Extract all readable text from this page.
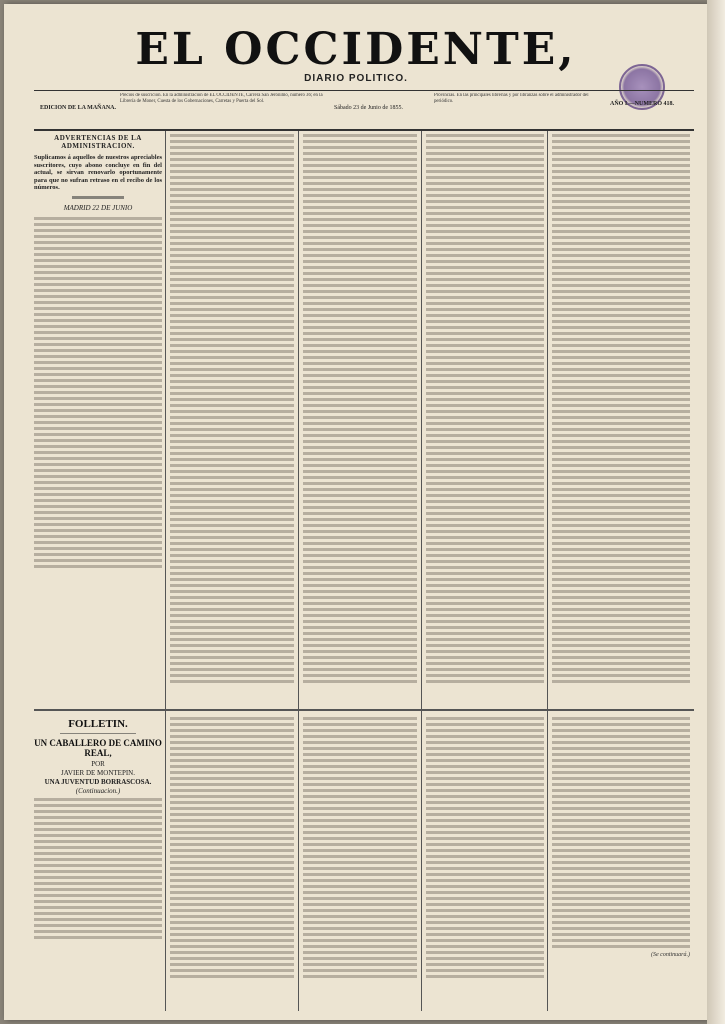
EL OCCIDENTE,
DIARIO POLITICO.
EDICION DE LA MAÑANA.
Precios de suscricion. En la administracion de EL OCCIDENTE, Carrera San Jerónimo, número 36; en la Librería de Moner, Cuesta de los Gobernaciones, Carretas y Puerta del Sol.
Sábado 23 de Junio de 1855.
Provincias. En las principales librerías y por libranzas sobre el administrador del periódico.	AÑO I.—NUMERO 418.
ADVERTENCIAS DE LA ADMINISTRACION.
Suplicamos á aquellos de nuestros apreciables suscritores, cuyo abono concluye en fin del actual, se sirvan renovarlo oportunamente para que no sufran retraso en el recibo de los números.
MADRID 22 DE JUNIO
FOLLETIN.
UN CABALLERO DE CAMINO REAL,
POR
JAVIER DE MONTEPIN.
UNA JUVENTUD BORRASCOSA.
(Continuacion.)
(Se continuará.)
